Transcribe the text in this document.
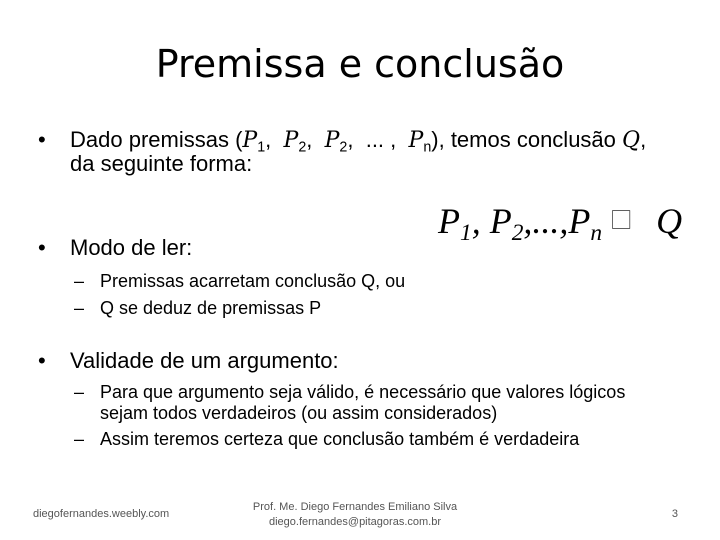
Premissa e conclusão
• Dado premissas ($P_1$,  $P_2$,  $P_2$,  ... ,  $P_n$), temos conclusão Q,
da seguinte forma:
• Modo de ler:
– Premissas acarretam conclusão Q, ou
– Q se deduz de premissas P
• Validade de um argumento:
– Para que argumento seja válido, é necessário que valores lógicos
sejam todos verdadeiros (ou assim considerados)
– Assim teremos certeza que conclusão também é verdadeira
$P_1$, $P_2,...,P_n$ ⃞ Q
diegofernandes.weebly.com
Prof. Me. Diego Fernandes Emiliano Silva
diego.fernandes@pitagoras.com.br
3
